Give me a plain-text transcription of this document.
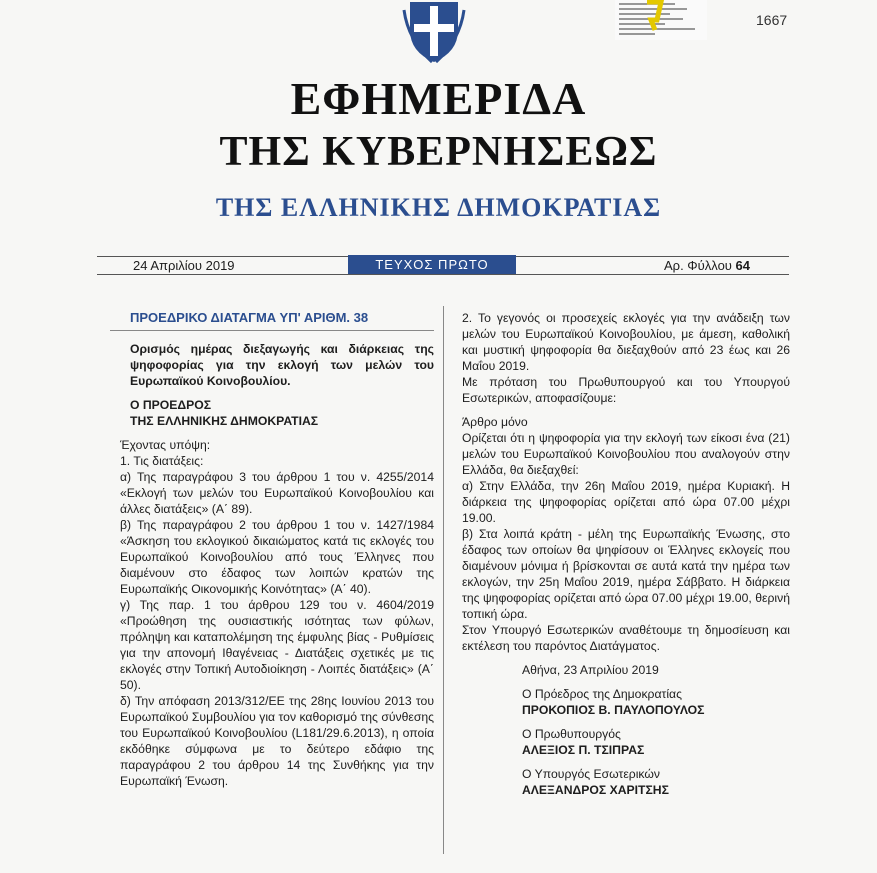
1667
ΕΦΗΜΕΡΙΔΑ
ΤΗΣ ΚΥΒΕΡΝΗΣΕΩΣ
ΤΗΣ ΕΛΛΗΝΙΚΗΣ ΔΗΜΟΚΡΑΤΙΑΣ
24 Απριλίου 2019	ΤΕΥΧΟΣ ΠΡΩΤΟ	Αρ. Φύλλου 64

ΠΡΟΕΔΡΙΚΟ ΔΙΑΤΑΓΜΑ ΥΠ' ΑΡΙΘΜ. 38

Ορισμός ημέρας διεξαγωγής και διάρκειας της ψηφοφορίας για την εκλογή των μελών του Ευρωπαϊκού Κοινοβουλίου.

Ο ΠΡΟΕΔΡΟΣ

ΤΗΣ ΕΛΛΗΝΙΚΗΣ ΔΗΜΟΚΡΑΤΙΑΣ

Έχοντας υπόψη:

1. Τις διατάξεις:

α) Της παραγράφου 3 του άρθρου 1 του ν. 4255/2014 «Εκλογή των μελών του Ευρωπαϊκού Κοινοβουλίου και άλλες διατάξεις» (Α΄ 89).

β) Της παραγράφου 2 του άρθρου 1 του ν. 1427/1984 «Άσκηση του εκλογικού δικαιώματος κατά τις εκλογές του Ευρωπαϊκού Κοινοβουλίου από τους Έλληνες που διαμένουν στο έδαφος των λοιπών κρατών της Ευρωπαϊκής Οικονομικής Κοινότητας» (Α΄ 40).

γ) Της παρ. 1 του άρθρου 129 του ν. 4604/2019 «Προώθηση της ουσιαστικής ισότητας των φύλων, πρόληψη και καταπολέμηση της έμφυλης βίας - Ρυθμίσεις για την απονομή Ιθαγένειας - Διατάξεις σχετικές με τις εκλογές στην Τοπική Αυτοδιοίκηση - Λοιπές διατάξεις» (Α΄ 50).

δ) Την απόφαση 2013/312/ΕΕ της 28ης Ιουνίου 2013 του Ευρωπαϊκού Συμβουλίου για τον καθορισμό της σύνθεσης του Ευρωπαϊκού Κοινοβουλίου (L181/29.6.2013), η οποία εκδόθηκε σύμφωνα με το δεύτερο εδάφιο της παραγράφου 2 του άρθρου 14 της Συνθήκης για την Ευρωπαϊκή Ένωση.

2. Το γεγονός οι προσεχείς εκλογές για την ανάδειξη των μελών του Ευρωπαϊκού Κοινοβουλίου, με άμεση, καθολική και μυστική ψηφοφορία θα διεξαχθούν από 23 έως και 26 Μαΐου 2019.

Με πρόταση του Πρωθυπουργού και του Υπουργού Εσωτερικών, αποφασίζουμε:

Άρθρο μόνο

Ορίζεται ότι η ψηφοφορία για την εκλογή των είκοσι ένα (21) μελών του Ευρωπαϊκού Κοινοβουλίου που αναλογούν στην Ελλάδα, θα διεξαχθεί:

α) Στην Ελλάδα, την 26η Μαΐου 2019, ημέρα Κυριακή. Η διάρκεια της ψηφοφορίας ορίζεται από ώρα 07.00 μέχρι 19.00.

β) Στα λοιπά κράτη - μέλη της Ευρωπαϊκής Ένωσης, στο έδαφος των οποίων θα ψηφίσουν οι Έλληνες εκλογείς που διαμένουν μόνιμα ή βρίσκονται σε αυτά κατά την ημέρα των εκλογών, την 25η Μαΐου 2019, ημέρα Σάββατο. Η διάρκεια της ψηφοφορίας ορίζεται από ώρα 07.00 μέχρι 19.00, θερινή τοπική ώρα.

Στον Υπουργό Εσωτερικών αναθέτουμε τη δημοσίευση και εκτέλεση του παρόντος Διατάγματος.

Αθήνα, 23 Απριλίου 2019

Ο Πρόεδρος της Δημοκρατίας

ΠΡΟΚΟΠΙΟΣ Β. ΠΑΥΛΟΠΟΥΛΟΣ

Ο Πρωθυπουργός

ΑΛΕΞΙΟΣ Π. ΤΣΙΠΡΑΣ

Ο Υπουργός Εσωτερικών

ΑΛΕΞΑΝΔΡΟΣ ΧΑΡΙΤΣΗΣ
